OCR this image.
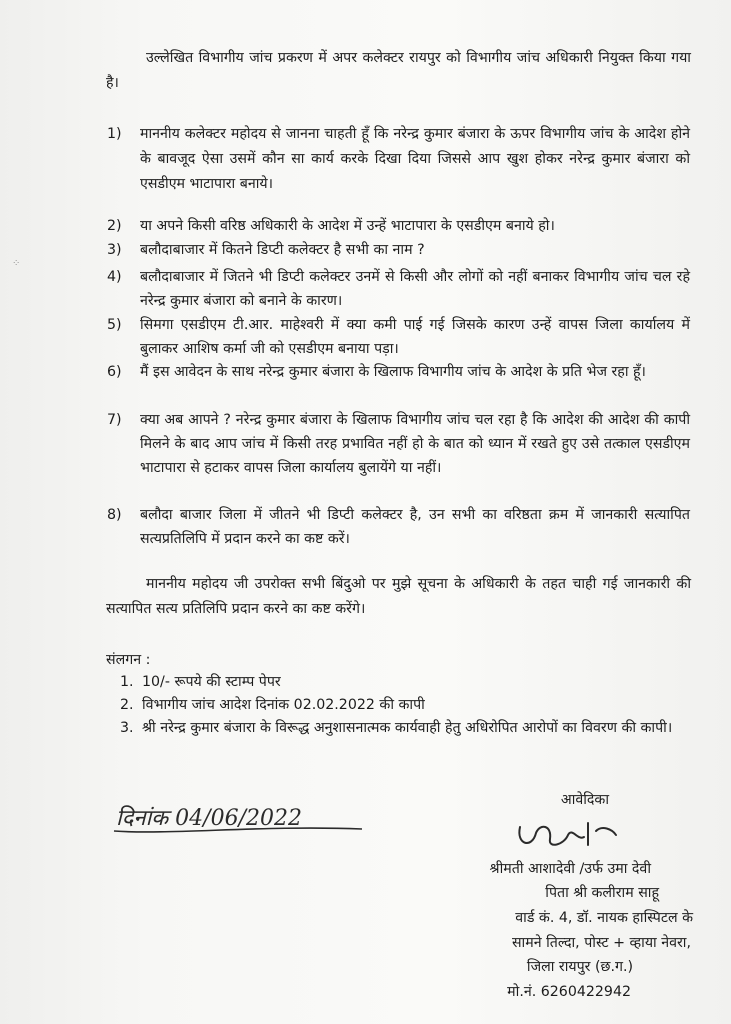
⁘
उल्लेखित विभागीय जांच प्रकरण में अपर कलेक्टर रायपुर को विभागीय जांच अधिकारी नियुक्त किया गया है।
1)	माननीय कलेक्टर महोदय से जानना चाहती हूँ कि नरेन्द्र कुमार बंजारा के ऊपर विभागीय जांच के आदेश होने के बावजूद ऐसा उसमें कौन सा कार्य करके दिखा दिया जिससे आप खुश होकर नरेन्द्र कुमार बंजारा को एसडीएम भाटापारा बनाये।
2)	या अपने किसी वरिष्ठ अधिकारी के आदेश में उन्हें भाटापारा के एसडीएम बनाये हो।
3)	बलौदाबाजार में कितने डिप्टी कलेक्टर है सभी का नाम ?
4)	बलौदाबाजार में जितने भी डिप्टी कलेक्टर उनमें से किसी और लोगों को नहीं बनाकर विभागीय जांच चल रहे नरेन्द्र कुमार बंजारा को बनाने के कारण।
5)	सिमगा एसडीएम टी.आर. माहेश्वरी में क्या कमी पाई गई जिसके कारण उन्हें वापस जिला कार्यालय में बुलाकर आशिष कर्मा जी को एसडीएम बनाया पड़ा।
6)	मैं इस आवेदन के साथ नरेन्द्र कुमार बंजारा के खिलाफ विभागीय जांच के आदेश के प्रति भेज रहा हूँ।
7)	क्या अब आपने ? नरेन्द्र कुमार बंजारा के खिलाफ विभागीय जांच चल रहा है कि आदेश की आदेश की कापी मिलने के बाद आप जांच में किसी तरह प्रभावित नहीं हो के बात को ध्यान में रखते हुए उसे तत्काल एसडीएम भाटापारा से हटाकर वापस जिला कार्यालय बुलायेंगे या नहीं।
8)	बलौदा बाजार जिला में जीतने भी डिप्टी कलेक्टर है, उन सभी का वरिष्ठता क्रम में जानकारी सत्यापित सत्यप्रतिलिपि में प्रदान करने का कष्ट करें।
माननीय महोदय जी उपरोक्त सभी बिंदुओ पर मुझे सूचना के अधिकारी के तहत चाही गई जानकारी की सत्यापित सत्य प्रतिलिपि प्रदान करने का कष्ट करेंगे।
संलगन :
1. 10/- रूपये की स्टाम्प पेपर
2. विभागीय जांच आदेश दिनांक 02.02.2022 की कापी
3. श्री नरेन्द्र कुमार बंजारा के विरूद्ध अनुशासनात्मक कार्यवाही हेतु अधिरोपित आरोपों का विवरण की कापी।
दिनांक 04/06/2022
आवेदिका
श्रीमती आशादेवी /उर्फ उमा देवी
पिता श्री कलीराम साहू
वार्ड कं. 4, डॉ. नायक हास्पिटल के
सामने तिल्दा, पोस्ट + व्हाया नेवरा,
जिला रायपुर (छ.ग.)
मो.नं. 6260422942
